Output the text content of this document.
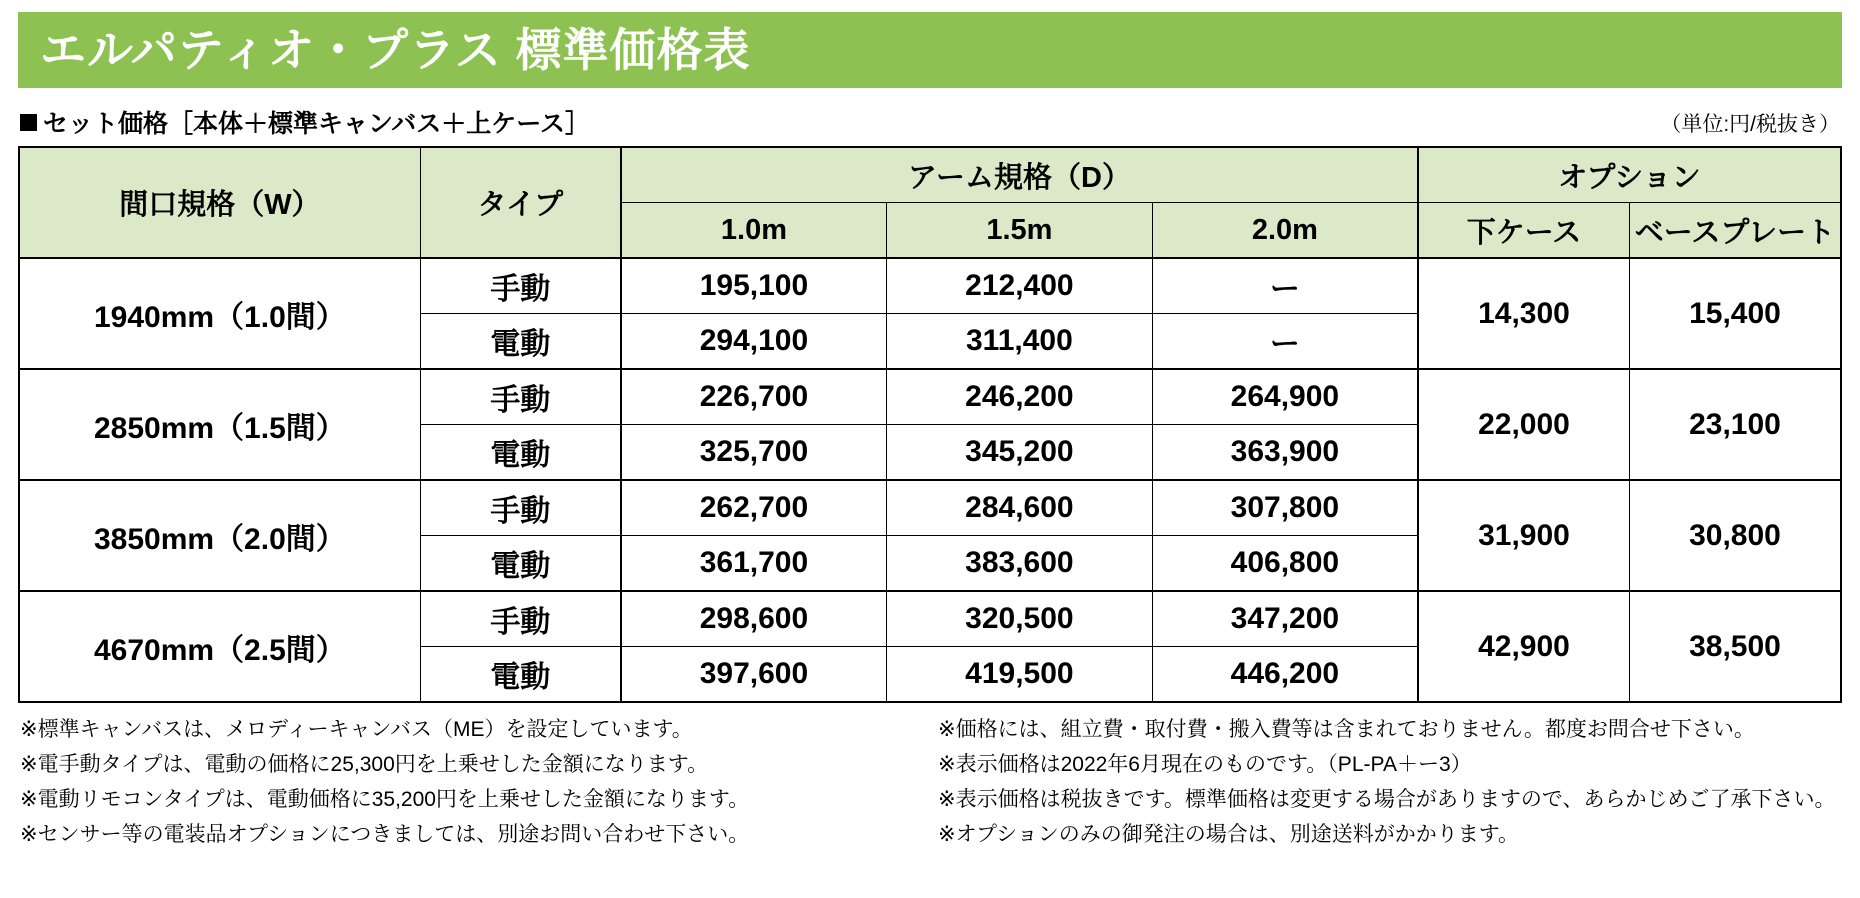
エルパティオ・プラス 標準価格表
セット価格［本体＋標準キャンバス＋上ケース］	（単位:円/税抜き）
間口規格（W）	タイプ	アーム規格（D）			オプション	
		1.0m	1.5m	2.0m	下ケース	ベースプレート
1940mm（1.0間）	手動	195,100	212,400	ー	14,300	15,400
	電動	294,100	311,400	ー		
2850mm（1.5間）	手動	226,700	246,200	264,900	22,000	23,100
	電動	325,700	345,200	363,900		
3850mm（2.0間）	手動	262,700	284,600	307,800	31,900	30,800
	電動	361,700	383,600	406,800		
4670mm（2.5間）	手動	298,600	320,500	347,200	42,900	38,500
	電動	397,600	419,500	446,200		

※標準キャンバスは、メロディーキャンバス（ME）を設定しています。

※電手動タイプは、電動の価格に25,300円を上乗せした金額になります。

※電動リモコンタイプは、電動価格に35,200円を上乗せした金額になります。

※センサー等の電装品オプションにつきましては、別途お問い合わせ下さい。

※価格には、組立費・取付費・搬入費等は含まれておりません。都度お問合せ下さい。

※表示価格は2022年6月現在のものです。（PL‐PA＋ー3）

※表示価格は税抜きです。標準価格は変更する場合がありますので、あらかじめご了承下さい。

※オプションのみの御発注の場合は、別途送料がかかります。
